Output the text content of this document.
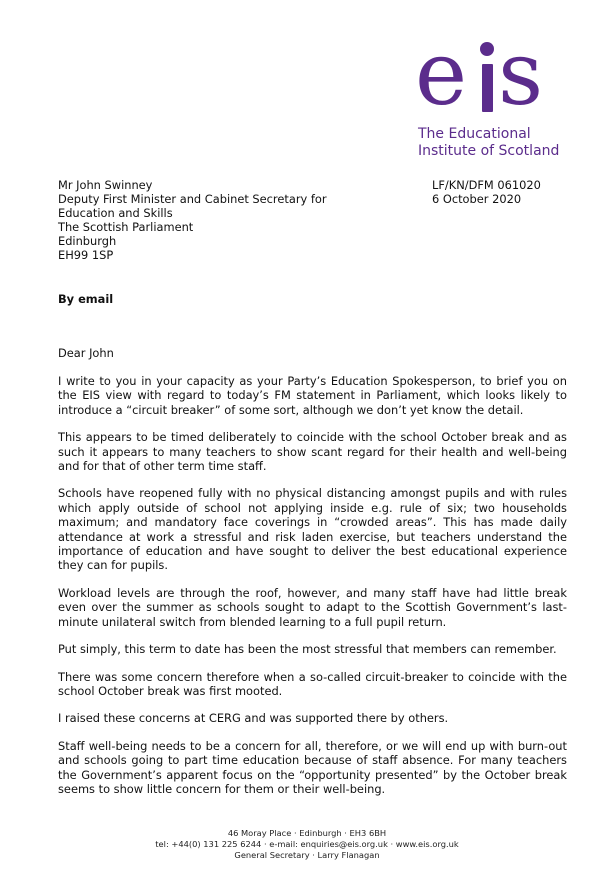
e s
The Educational
Institute of Scotland
Mr John Swinney
Deputy First Minister and Cabinet Secretary for
Education and Skills
The Scottish Parliament
Edinburgh
EH99 1SP
LF/KN/DFM 061020
6 October 2020
By email
Dear John

I write to you in your capacity as your Party’s Education Spokesperson, to brief you on the EIS view with regard to today’s FM statement in Parliament, which looks likely to introduce a “circuit breaker” of some sort, although we don’t yet know the detail.

This appears to be timed deliberately to coincide with the school October break and as such it appears to many teachers to show scant regard for their health and well-being and for that of other term time staff.

Schools have reopened fully with no physical distancing amongst pupils and with rules which apply outside of school not applying inside e.g. rule of six; two households maximum; and mandatory face coverings in “crowded areas”. This has made daily attendance at work a stressful and risk laden exercise, but teachers understand the importance of education and have sought to deliver the best educational experience they can for pupils.

Workload levels are through the roof, however, and many staff have had little break even over the summer as schools sought to adapt to the Scottish Government’s last-minute unilateral switch from blended learning to a full pupil return.

Put simply, this term to date has been the most stressful that members can remember.

There was some concern therefore when a so-called circuit-breaker to coincide with the school October break was first mooted.

I raised these concerns at CERG and was supported there by others.

Staff well-being needs to be a concern for all, therefore, or we will end up with burn-out and schools going to part time education because of staff absence. For many teachers the Government’s apparent focus on the “opportunity presented” by the October break seems to show little concern for them or their well-being.

46 Moray Place · Edinburgh · EH3 6BH
tel: +44(0) 131 225 6244 · e-mail: enquiries@eis.org.uk · www.eis.org.uk
General Secretary · Larry Flanagan
